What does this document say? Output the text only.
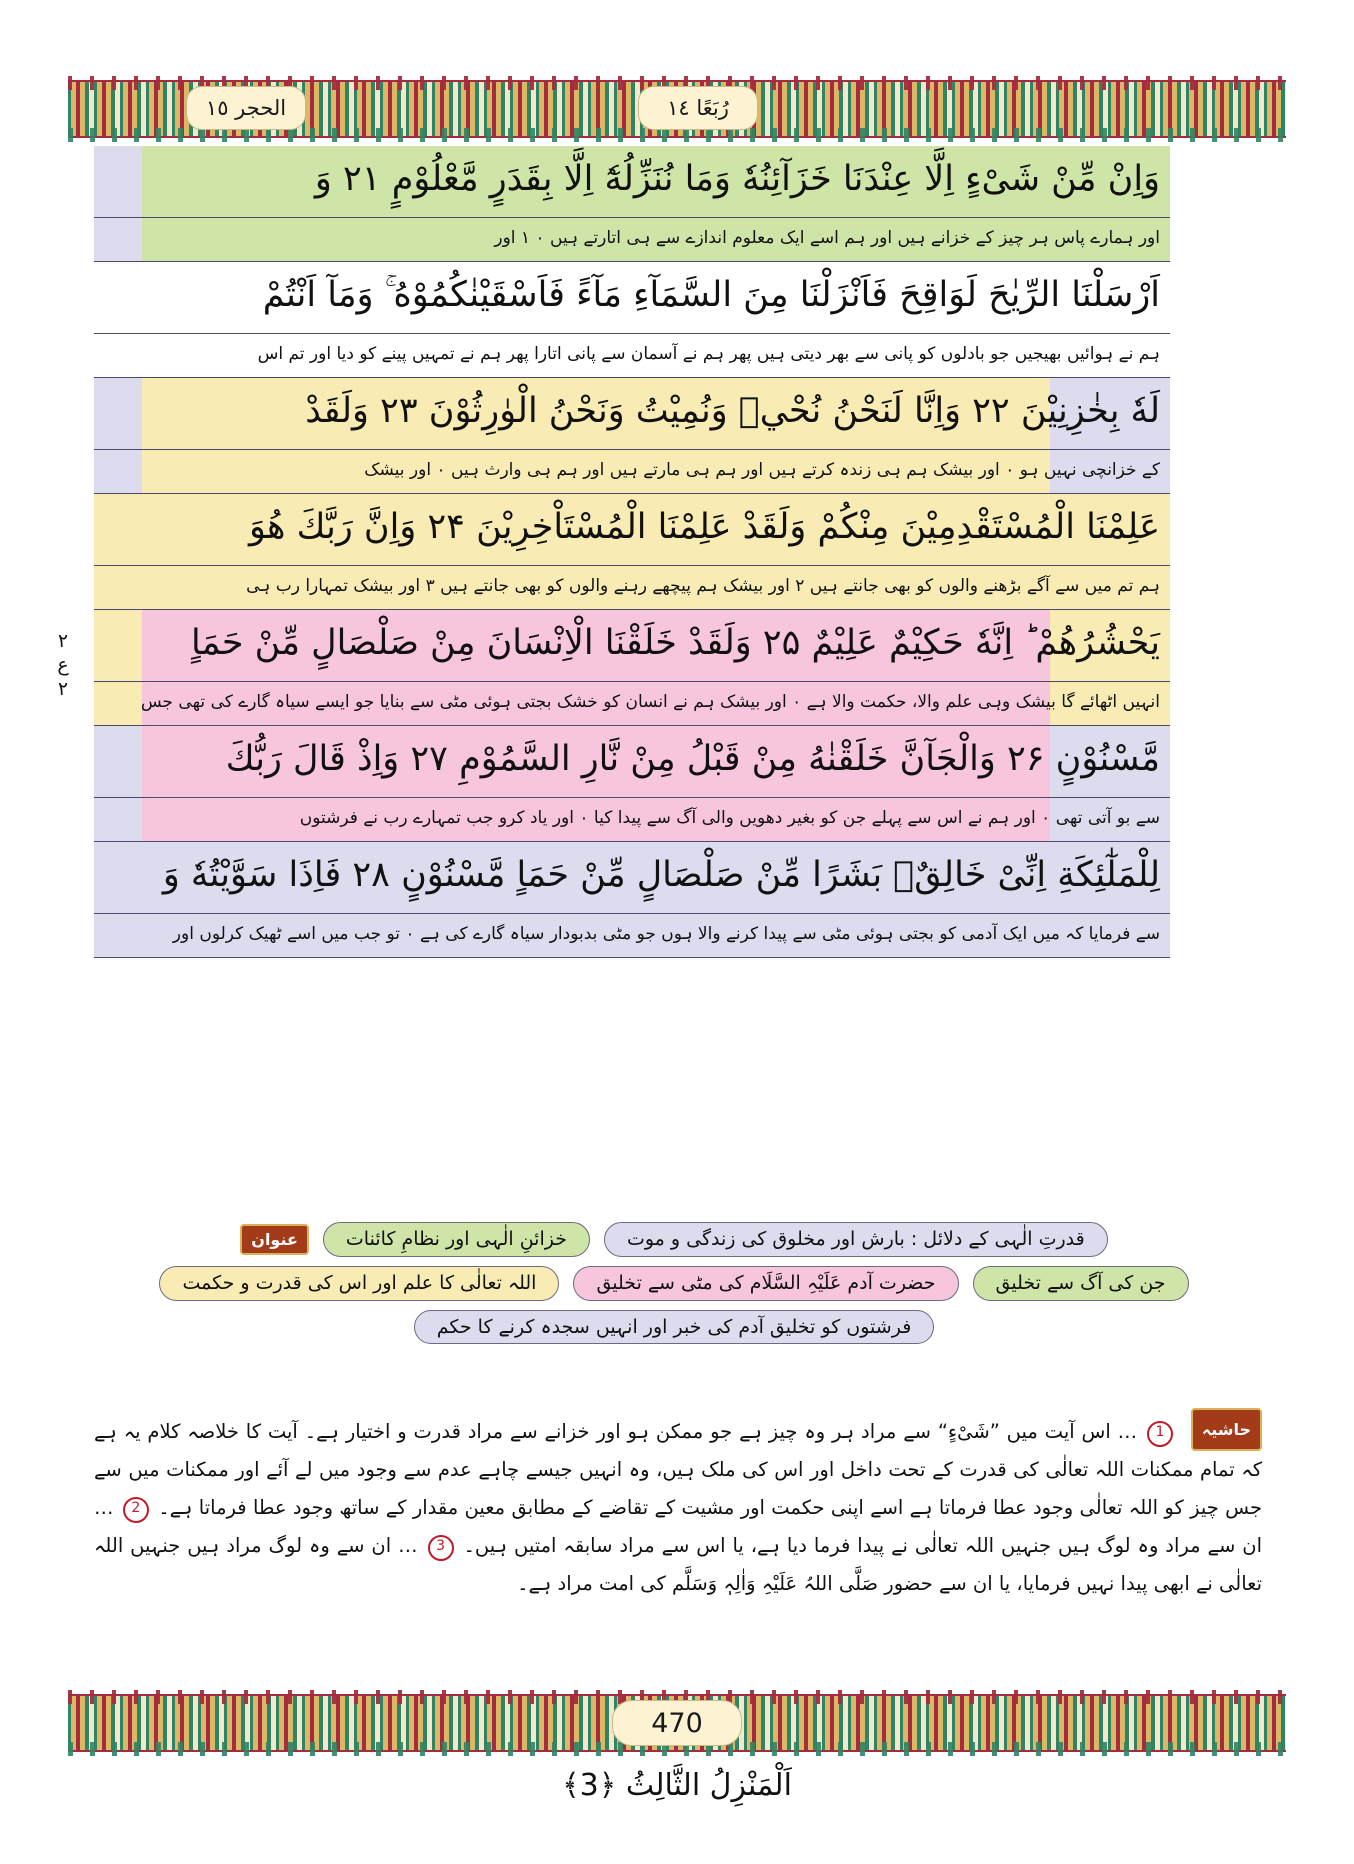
الحجر ١٥	رُبَعًا ١٤
۲
ع
۲
وَاِنْ مِّنْ شَىْءٍ اِلَّا عِنْدَنَا خَزَآئِنُهٗ وَمَا نُنَزِّلُهٗٓ اِلَّا بِقَدَرٍ مَّعْلُوْمٍ ۲۱ وَ
اور ہمارے پاس ہر چیز کے خزانے ہیں اور ہم اسے ایک معلوم اندازے سے ہی اتارتے ہیں ۰ ۱ اور
اَرْسَلْنَا الرِّيٰحَ لَوَاقِحَ فَاَنْزَلْنَا مِنَ السَّمَآءِ مَآءً فَاَسْقَيْنٰكُمُوْهُ ۚ وَمَآ اَنْتُمْ
ہم نے ہوائیں بھیجیں جو بادلوں کو پانی سے بھر دیتی ہیں پھر ہم نے آسمان سے پانی اتارا پھر ہم نے تمہیں پینے کو دیا اور تم اس
لَهٗ بِخٰزِنِيْنَ ۲۲ وَاِنَّا لَنَحْنُ نُحْيٖ وَنُمِيْتُ وَنَحْنُ الْوٰرِثُوْنَ ۲۳ وَلَقَدْ
کے خزانچی نہیں ہو ۰ اور بیشک ہم ہی زندہ کرتے ہیں اور ہم ہی مارتے ہیں اور ہم ہی وارث ہیں ۰ اور بیشک
عَلِمْنَا الْمُسْتَقْدِمِيْنَ مِنْكُمْ وَلَقَدْ عَلِمْنَا الْمُسْتَاْخِرِيْنَ ۲۴ وَاِنَّ رَبَّكَ هُوَ
ہم تم میں سے آگے بڑھنے والوں کو بھی جانتے ہیں ۲ اور بیشک ہم پیچھے رہنے والوں کو بھی جانتے ہیں ۳ اور بیشک تمہارا رب ہی
يَحْشُرُهُمْ ؕ اِنَّهٗ حَكِيْمٌ عَلِيْمٌ ۲۵ وَلَقَدْ خَلَقْنَا الْاِنْسَانَ مِنْ صَلْصَالٍ مِّنْ حَمَاٍ
انہیں اٹھائے گا بیشک وہی علم والا، حکمت والا ہے ۰ اور بیشک ہم نے انسان کو خشک بجتی ہوئی مٹی سے بنایا جو ایسے سیاہ گارے کی تھی جس
مَّسْنُوْنٍ ۲۶ وَالْجَآنَّ خَلَقْنٰهُ مِنْ قَبْلُ مِنْ نَّارِ السَّمُوْمِ ۲۷ وَاِذْ قَالَ رَبُّكَ
سے بو آتی تھی ۰ اور ہم نے اس سے پہلے جن کو بغیر دھویں والی آگ سے پیدا کیا ۰ اور یاد کرو جب تمہارے رب نے فرشتوں
لِلْمَلٰٓئِكَةِ اِنِّىْ خَالِقٌۢ بَشَرًا مِّنْ صَلْصَالٍ مِّنْ حَمَاٍ مَّسْنُوْنٍ ۲۸ فَاِذَا سَوَّيْتُهٗ وَ
سے فرمایا کہ میں ایک آدمی کو بجتی ہوئی مٹی سے پیدا کرنے والا ہوں جو مٹی بدبودار سیاہ گارے کی ہے ۰ تو جب میں اسے ٹھیک کرلوں اور
قدرتِ الٰہی کے دلائل : بارش اور مخلوق کی زندگی و موت
خزائنِ الٰہی اور نظامِ کائنات
عنوان
جن کی آگ سے تخلیق
حضرت آدم عَلَیْہِ السَّلَام کی مٹی سے تخلیق
اللہ تعالٰی کا علم اور اس کی قدرت و حکمت
فرشتوں کو تخلیق آدم کی خبر اور انہیں سجدہ کرنے کا حکم

حاشیہ 1 … اس آیت میں ”شَیْءٍ“ سے مراد ہر وہ چیز ہے جو ممکن ہو اور خزانے سے مراد قدرت و اختیار ہے۔ آیت کا خلاصہ کلام یہ ہے کہ تمام ممکنات اللہ تعالٰی کی قدرت کے تحت داخل اور اس کی ملک ہیں، وہ انہیں جیسے چاہے عدم سے وجود میں لے آئے اور ممکنات میں سے جس چیز کو اللہ تعالٰی وجود عطا فرماتا ہے اسے اپنی حکمت اور مشیت کے تقاضے کے مطابق معین مقدار کے ساتھ وجود عطا فرماتا ہے۔ 2 … ان سے مراد وہ لوگ ہیں جنہیں اللہ تعالٰی نے پیدا فرما دیا ہے، یا اس سے مراد سابقہ امتیں ہیں۔ 3 … ان سے وہ لوگ مراد ہیں جنہیں اللہ تعالٰی نے ابھی پیدا نہیں فرمایا، یا ان سے حضور صَلَّی اللہُ عَلَیْہِ وَاٰلِہٖ وَسَلَّم کی امت مراد ہے۔

470
اَلْمَنْزِلُ الثَّالِثُ ﴿3﴾
